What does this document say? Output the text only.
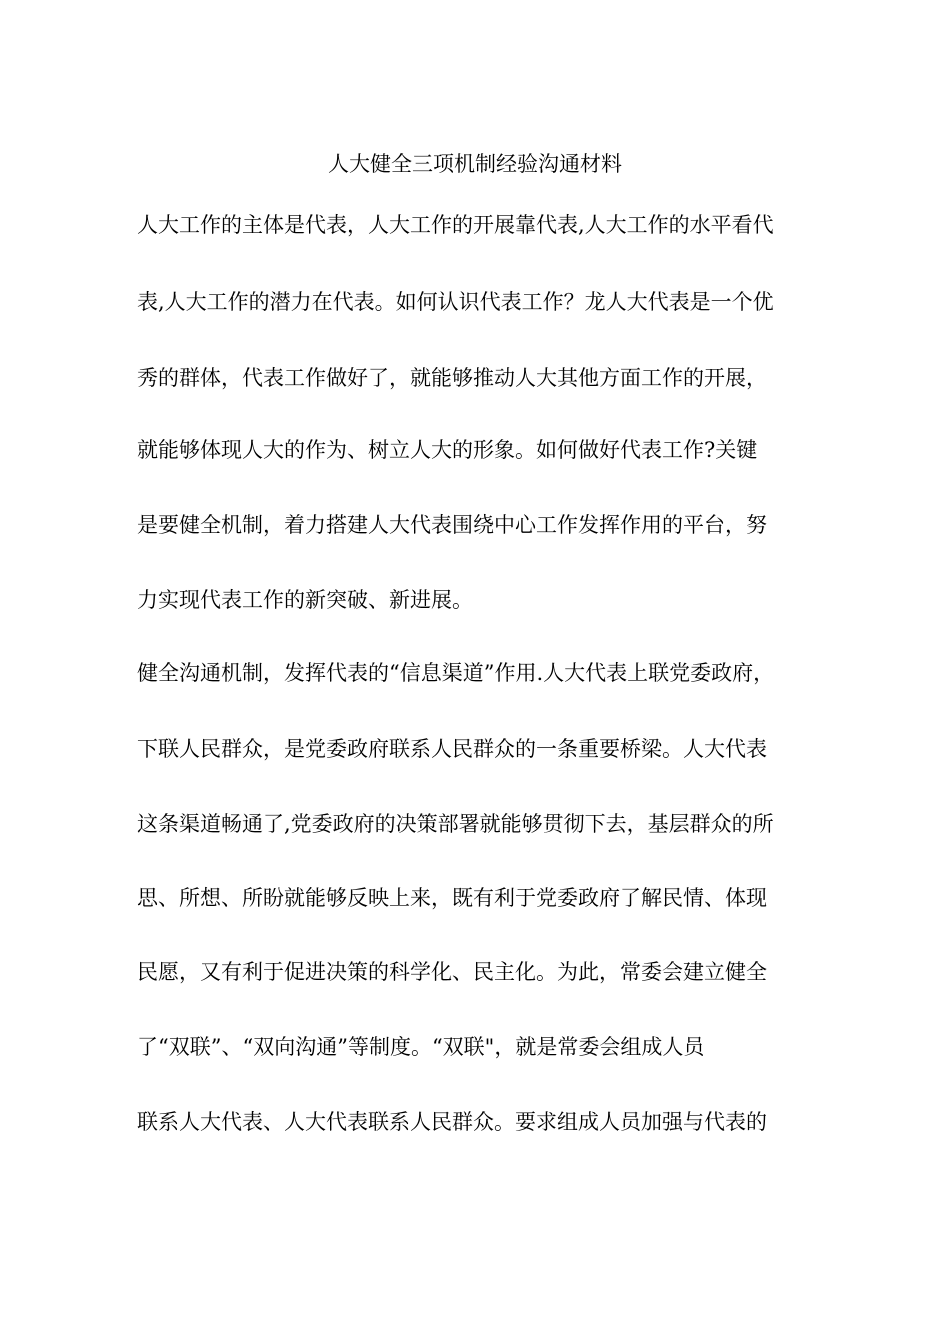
人大健全三项机制经验沟通材料
人大工作的主体是代表，人大工作的开展靠代表,人大工作的水平看代
表,人大工作的潜力在代表。如何认识代表工作？龙人大代表是一个优
秀的群体，代表工作做好了，就能够推动人大其他方面工作的开展，
就能够体现人大的作为、树立人大的形象。如何做好代表工作?关键
是要健全机制，着力搭建人大代表围绕中心工作发挥作用的平台，努
力实现代表工作的新突破、新进展。
健全沟通机制，发挥代表的“信息渠道”作用.人大代表上联党委政府，
下联人民群众，是党委政府联系人民群众的一条重要桥梁。人大代表
这条渠道畅通了,党委政府的决策部署就能够贯彻下去，基层群众的所
思、所想、所盼就能够反映上来，既有利于党委政府了解民情、体现
民愿，又有利于促进决策的科学化、民主化。为此，常委会建立健全
了“双联”、“双向沟通”等制度。“双联"，就是常委会组成人员
联系人大代表、人大代表联系人民群众。要求组成人员加强与代表的
